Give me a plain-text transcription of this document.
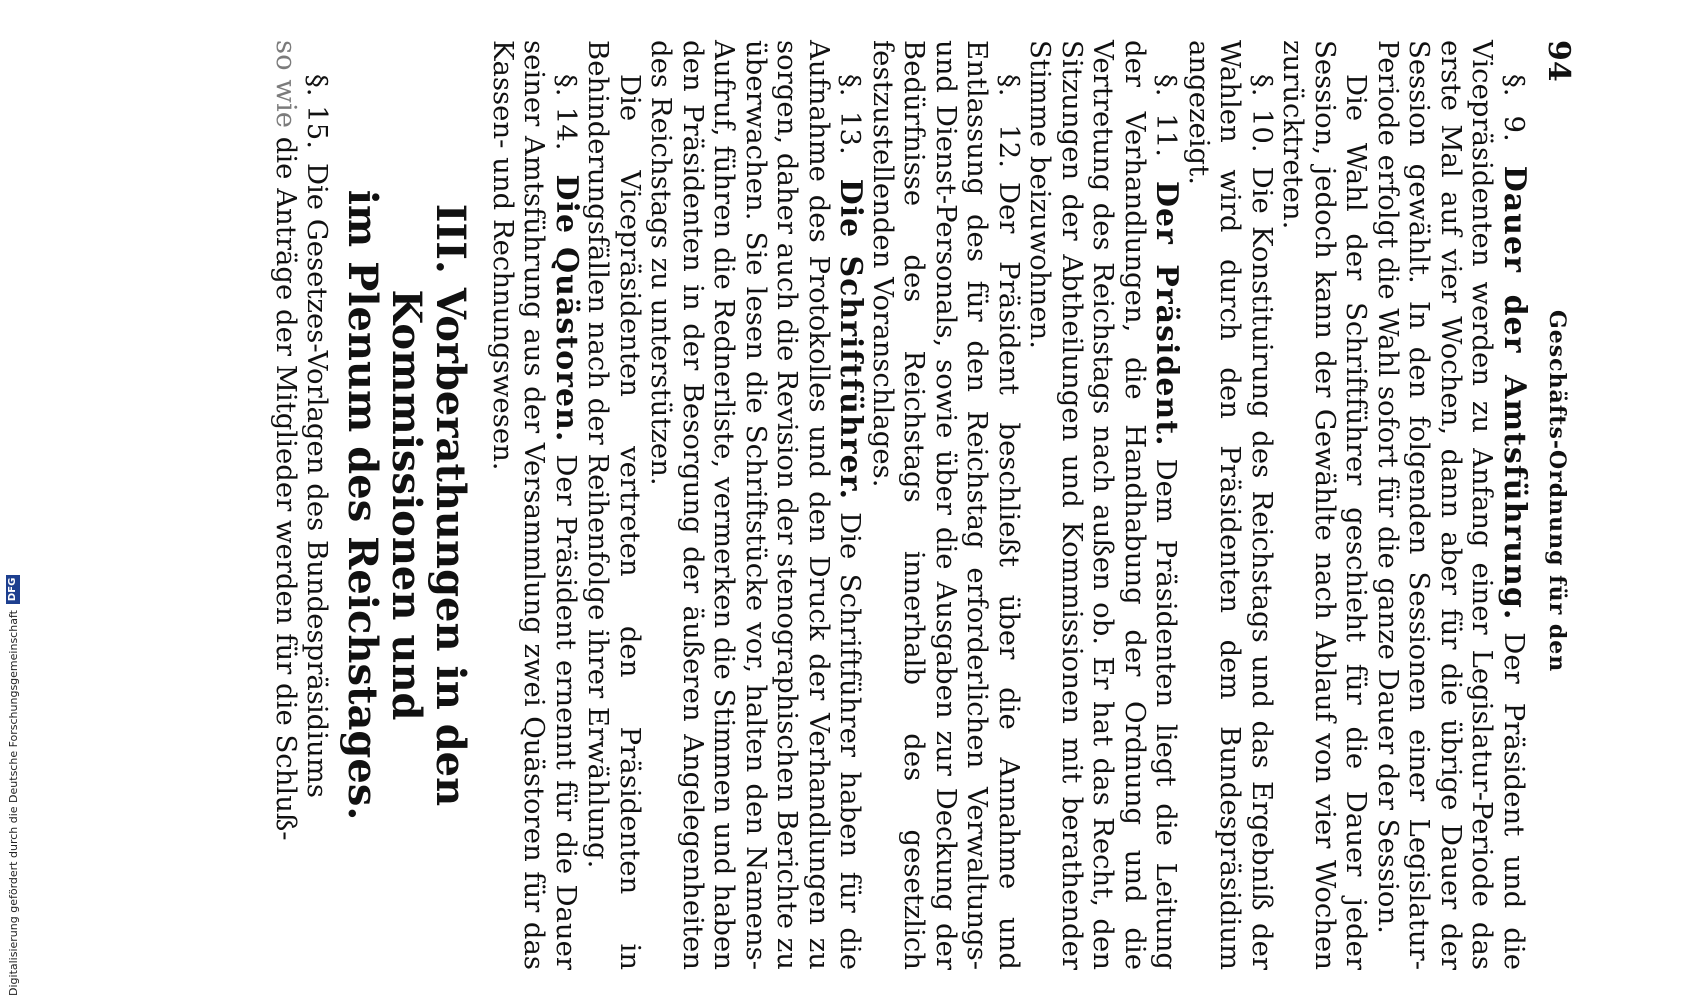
94
Geschäfts-Ordnung für den

§. 9.Dauer der Amtsführung.Der Präsident und die Vicepräsidenten werden zu Anfang einer Legislatur-Periode das erste Mal auf vier Wochen, dann aber für die übrige Dauer der Session gewählt. In den folgenden Sessionen einer Legislatur-Periode erfolgt die Wahl sofort für die ganze Dauer der Session.

Die Wahl der Schriftführer geschieht für die Dauer jeder Session, jedoch kann der Gewählte nach Ablauf von vier Wochen zurücktreten.

§. 10.Die Konstituirung des Reichstags und das Ergebniß der Wahlen wird durch den Präsidenten dem Bundespräsidium angezeigt.

§. 11.Der Präsident.Dem Präsidenten liegt die Leitung der Verhandlungen, die Handhabung der Ordnung und die Vertretung des Reichstags nach außen ob. Er hat das Recht, den Sitzungen der Abtheilungen und Kommissionen mit berathender Stimme beizuwohnen.

§. 12.Der Präsident beschließt über die Annahme und Entlassung des für den Reichstag erforderlichen Verwaltungs- und Dienst-Personals, sowie über die Ausgaben zur Deckung der Bedürfnisse des Reichstags innerhalb des gesetzlich festzustellenden Voranschlages.

§. 13.Die Schriftführer.Die Schriftführer haben für die Aufnahme des Protokolles und den Druck der Verhandlungen zu sorgen, daher auch die Revision der stenographischen Berichte zu überwachen. Sie lesen die Schriftstücke vor, halten den Namens-Aufruf, führen die Rednerliste, vermerken die Stimmen und haben den Präsidenten in der Besorgung der äußeren Angelegenheiten des Reichstags zu unterstützen.

Die Vicepräsidenten vertreten den Präsidenten in Behinderungsfällen nach der Reihenfolge ihrer Erwählung.

§. 14.Die Quästoren.Der Präsident ernennt für die Dauer seiner Amtsführung aus der Versammlung zwei Quästoren für das Kassen- und Rechnungswesen.

III.Vorberathungen in den Kommissionen und
im Plenum des Reichstages.

§. 15.Die Gesetzes-Vorlagen des Bundespräsidiums

so wie die Anträge der Mitglieder werden für die Schluß-

Digitalisierung gefördert durch die Deutsche Forschungsgemeinschaft
DFG
